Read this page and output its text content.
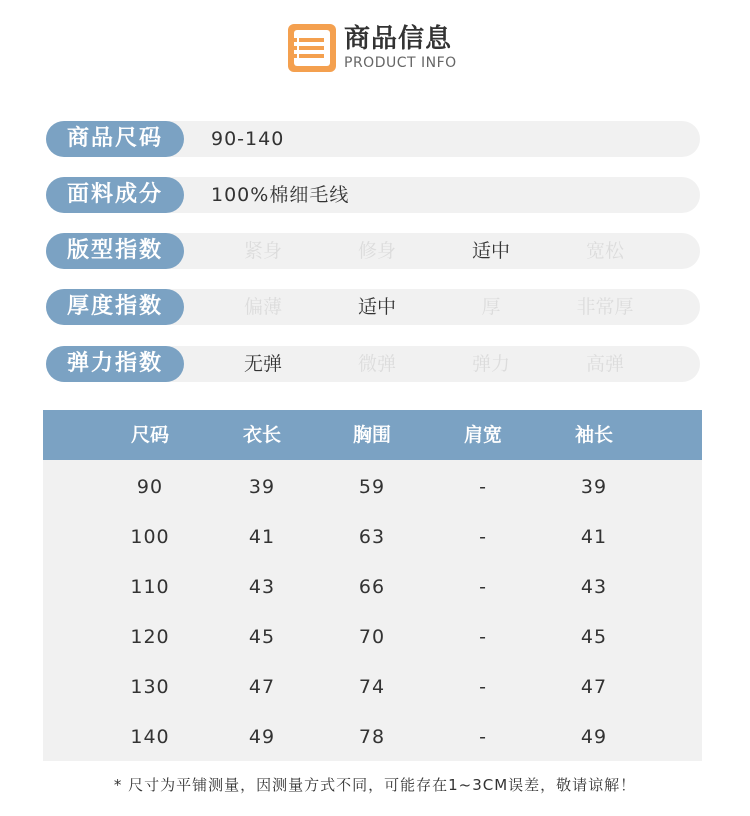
商品信息
PRODUCT INFO
商品尺码	90-140
面料成分	100%棉细毛线
版型指数	紧身	修身	适中	宽松
厚度指数	偏薄	适中	厚	非常厚
弹力指数	无弹	微弹	弹力	高弹
尺码	衣长	胸围	肩宽	袖长
90	39	59	-	39
100	41	63	-	41
110	43	66	-	43
120	45	70	-	45
130	47	74	-	47
140	49	78	-	49
* 尺寸为平铺测量，因测量方式不同，可能存在1~3CM误差，敬请谅解！
